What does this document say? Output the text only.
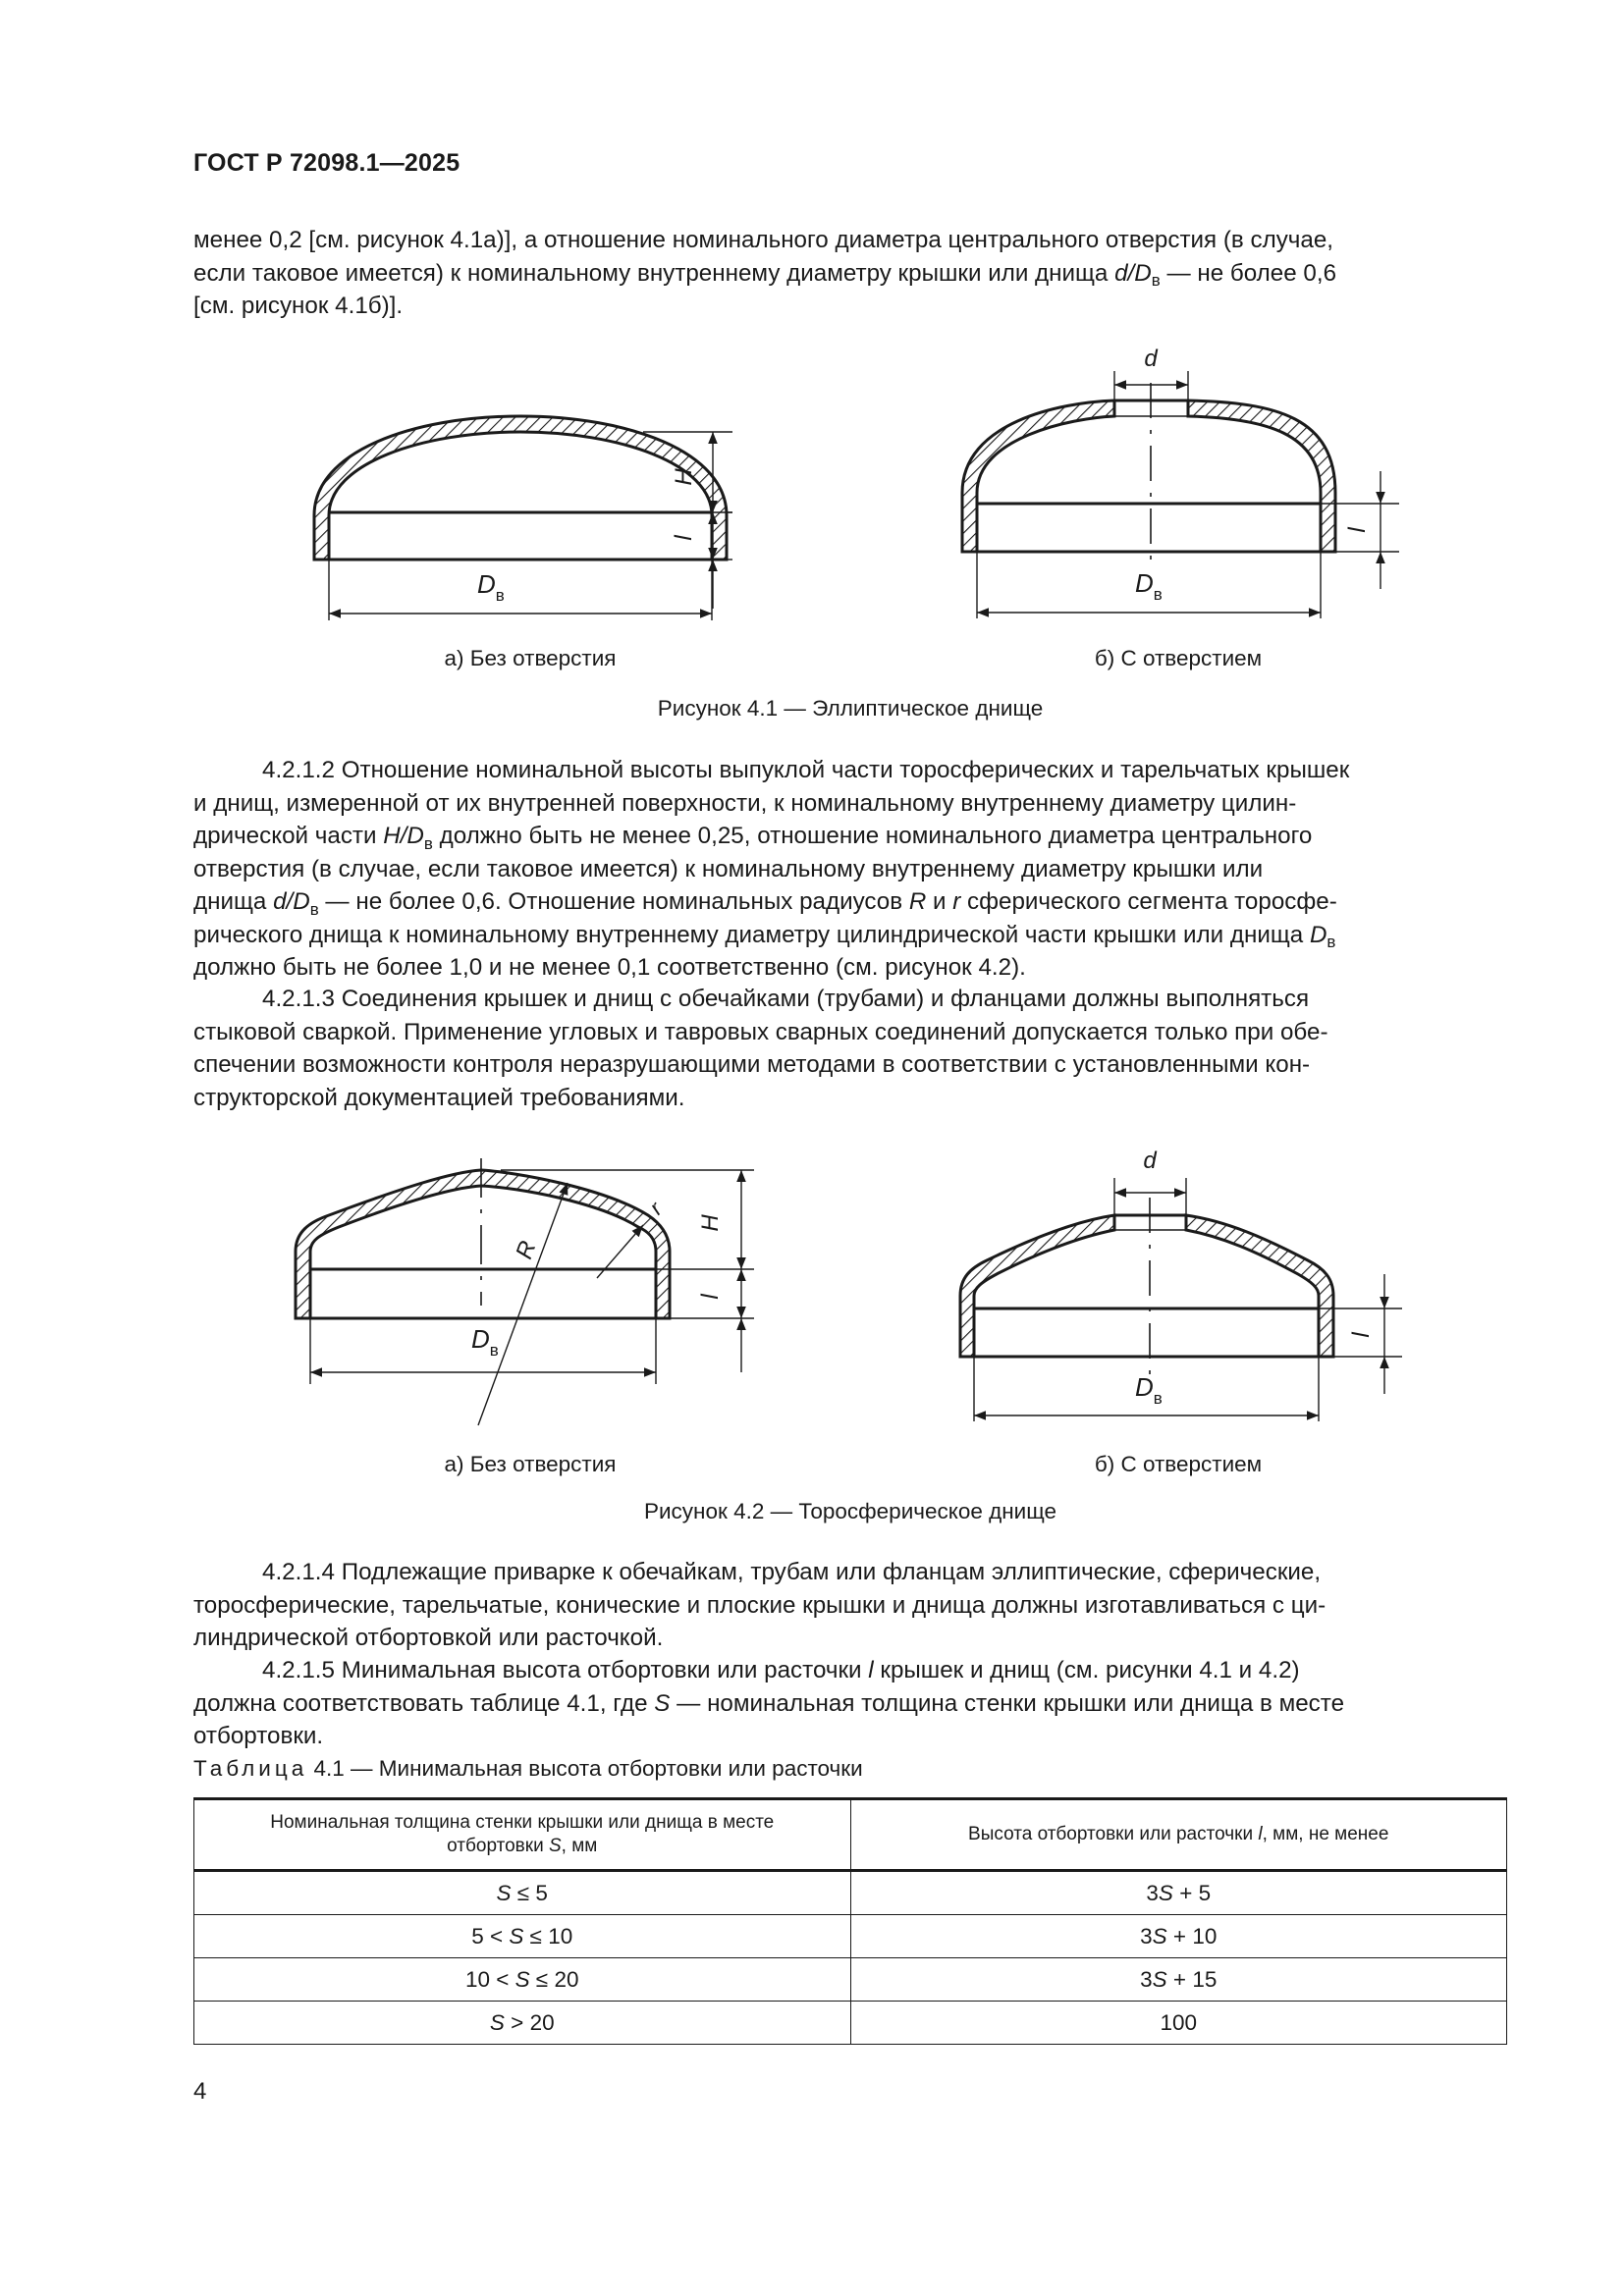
ГОСТ Р 72098.1—2025
менее 0,2 [см. рисунок 4.1а)], а отношение номинального диаметра центрального отверстия (в случае,
если таковое имеется) к номинальному внутреннему диаметру крышки или днища $d/D_в$ — не более 0,6
[см. рисунок 4.1б)].
H
l
$D_в$
d
l
$D_в$
а) Без отверстия	б) С отверстием
Рисунок 4.1 — Эллиптическое днище
4.2.1.2 Отношение номинальной высоты выпуклой части торосферических и тарельчатых крышек
и днищ, измеренной от их внутренней поверхности, к номинальному внутреннему диаметру цилин-
дрической части $H/D_в$ должно быть не менее 0,25, отношение номинального диаметра центрального
отверстия (в случае, если таковое имеется) к номинальному внутреннему диаметру крышки или
днища $d/D_в$ — не более 0,6. Отношение номинальных радиусов R и r сферического сегмента торосфе-
рического днища к номинальному внутреннему диаметру цилиндрической части крышки или днища $D_в$
должно быть не более 1,0 и не менее 0,1 соответственно (см. рисунок 4.2).
4.2.1.3 Соединения крышек и днищ с обечайками (трубами) и фланцами должны выполняться
стыковой сваркой. Применение угловых и тавровых сварных соединений допускается только при обе-
спечении возможности контроля неразрушающими методами в соответствии с установленными кон-
структорской документацией требованиями.
R
r
H
l
$D_в$
d
l
$D_в$
а) Без отверстия	б) С отверстием
Рисунок 4.2 — Торосферическое днище
4.2.1.4 Подлежащие приварке к обечайкам, трубам или фланцам эллиптические, сферические,
торосферические, тарельчатые, конические и плоские крышки и днища должны изготавливаться с ци-
линдрической отбортовкой или расточкой.
4.2.1.5 Минимальная высота отбортовки или расточки l крышек и днищ (см. рисунки 4.1 и 4.2)
должна соответствовать таблице 4.1, где S — номинальная толщина стенки крышки или днища в месте
отбортовки.
Таблица 4.1 — Минимальная высота отбортовки или расточки
Номинальная толщина стенки крышки или днища в месте
отбортовки S, мм	Высота отбортовки или расточки l, мм, не менее
S ≤ 5	3S + 5
5 < S ≤ 10	3S + 10
10 < S ≤ 20	3S + 15
S > 20	100
4
